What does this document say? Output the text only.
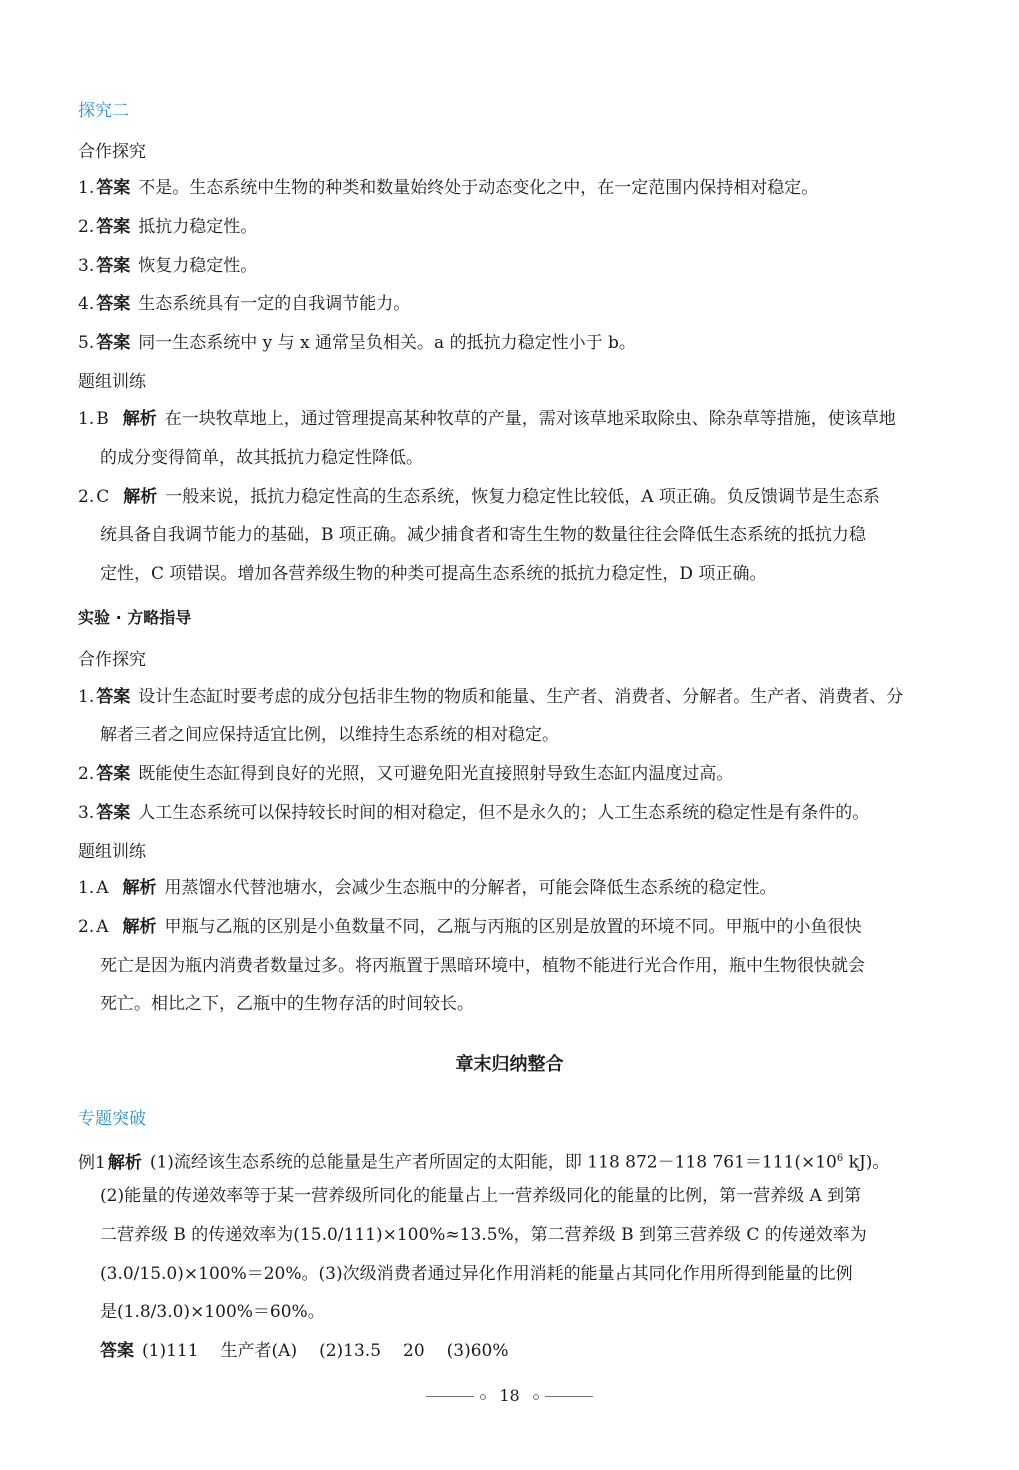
探究二
合作探究
1. 答案 不是。生态系统中生物的种类和数量始终处于动态变化之中，在一定范围内保持相对稳定。
2. 答案 抵抗力稳定性。
3. 答案 恢复力稳定性。
4. 答案 生态系统具有一定的自我调节能力。
5. 答案 同一生态系统中 y 与 x 通常呈负相关。a 的抵抗力稳定性小于 b。
题组训练
1. B 解析 在一块牧草地上，通过管理提高某种牧草的产量，需对该草地采取除虫、除杂草等措施，使该草地
的成分变得简单，故其抵抗力稳定性降低。
2. C 解析 一般来说，抵抗力稳定性高的生态系统，恢复力稳定性比较低，A 项正确。负反馈调节是生态系
统具备自我调节能力的基础，B 项正确。减少捕食者和寄生生物的数量往往会降低生态系统的抵抗力稳
定性，C 项错误。增加各营养级生物的种类可提高生态系统的抵抗力稳定性，D 项正确。
实验 · 方略指导
合作探究
1. 答案 设计生态缸时要考虑的成分包括非生物的物质和能量、生产者、消费者、分解者。生产者、消费者、分
解者三者之间应保持适宜比例，以维持生态系统的相对稳定。
2. 答案 既能使生态缸得到良好的光照，又可避免阳光直接照射导致生态缸内温度过高。
3. 答案 人工生态系统可以保持较长时间的相对稳定，但不是永久的；人工生态系统的稳定性是有条件的。
题组训练
1. A 解析 用蒸馏水代替池塘水，会减少生态瓶中的分解者，可能会降低生态系统的稳定性。
2. A 解析 甲瓶与乙瓶的区别是小鱼数量不同，乙瓶与丙瓶的区别是放置的环境不同。甲瓶中的小鱼很快
死亡是因为瓶内消费者数量过多。将丙瓶置于黑暗环境中，植物不能进行光合作用，瓶中生物很快就会
死亡。相比之下，乙瓶中的生物存活的时间较长。
章末归纳整合
专题突破
例1 解析 (1)流经该生态系统的总能量是生产者所固定的太阳能，即 118 872－118 $761=111(\times 10^6$ kJ)。
(2)能量的传递效率等于某一营养级所同化的能量占上一营养级同化的能量的比例，第一营养级 A 到第
二营养级 B 的传递效率为(15.0/111)×100%≈13.5%，第二营养级 B 到第三营养级 C 的传递效率为
(3.0/15.0)×100%＝20%。(3)次级消费者通过异化作用消耗的能量占其同化作用所得到能量的比例
是(1.8/3.0)×100%＝60%。
答案 (1)111 生产者(A) (2)13.5 20 (3)60%
18
